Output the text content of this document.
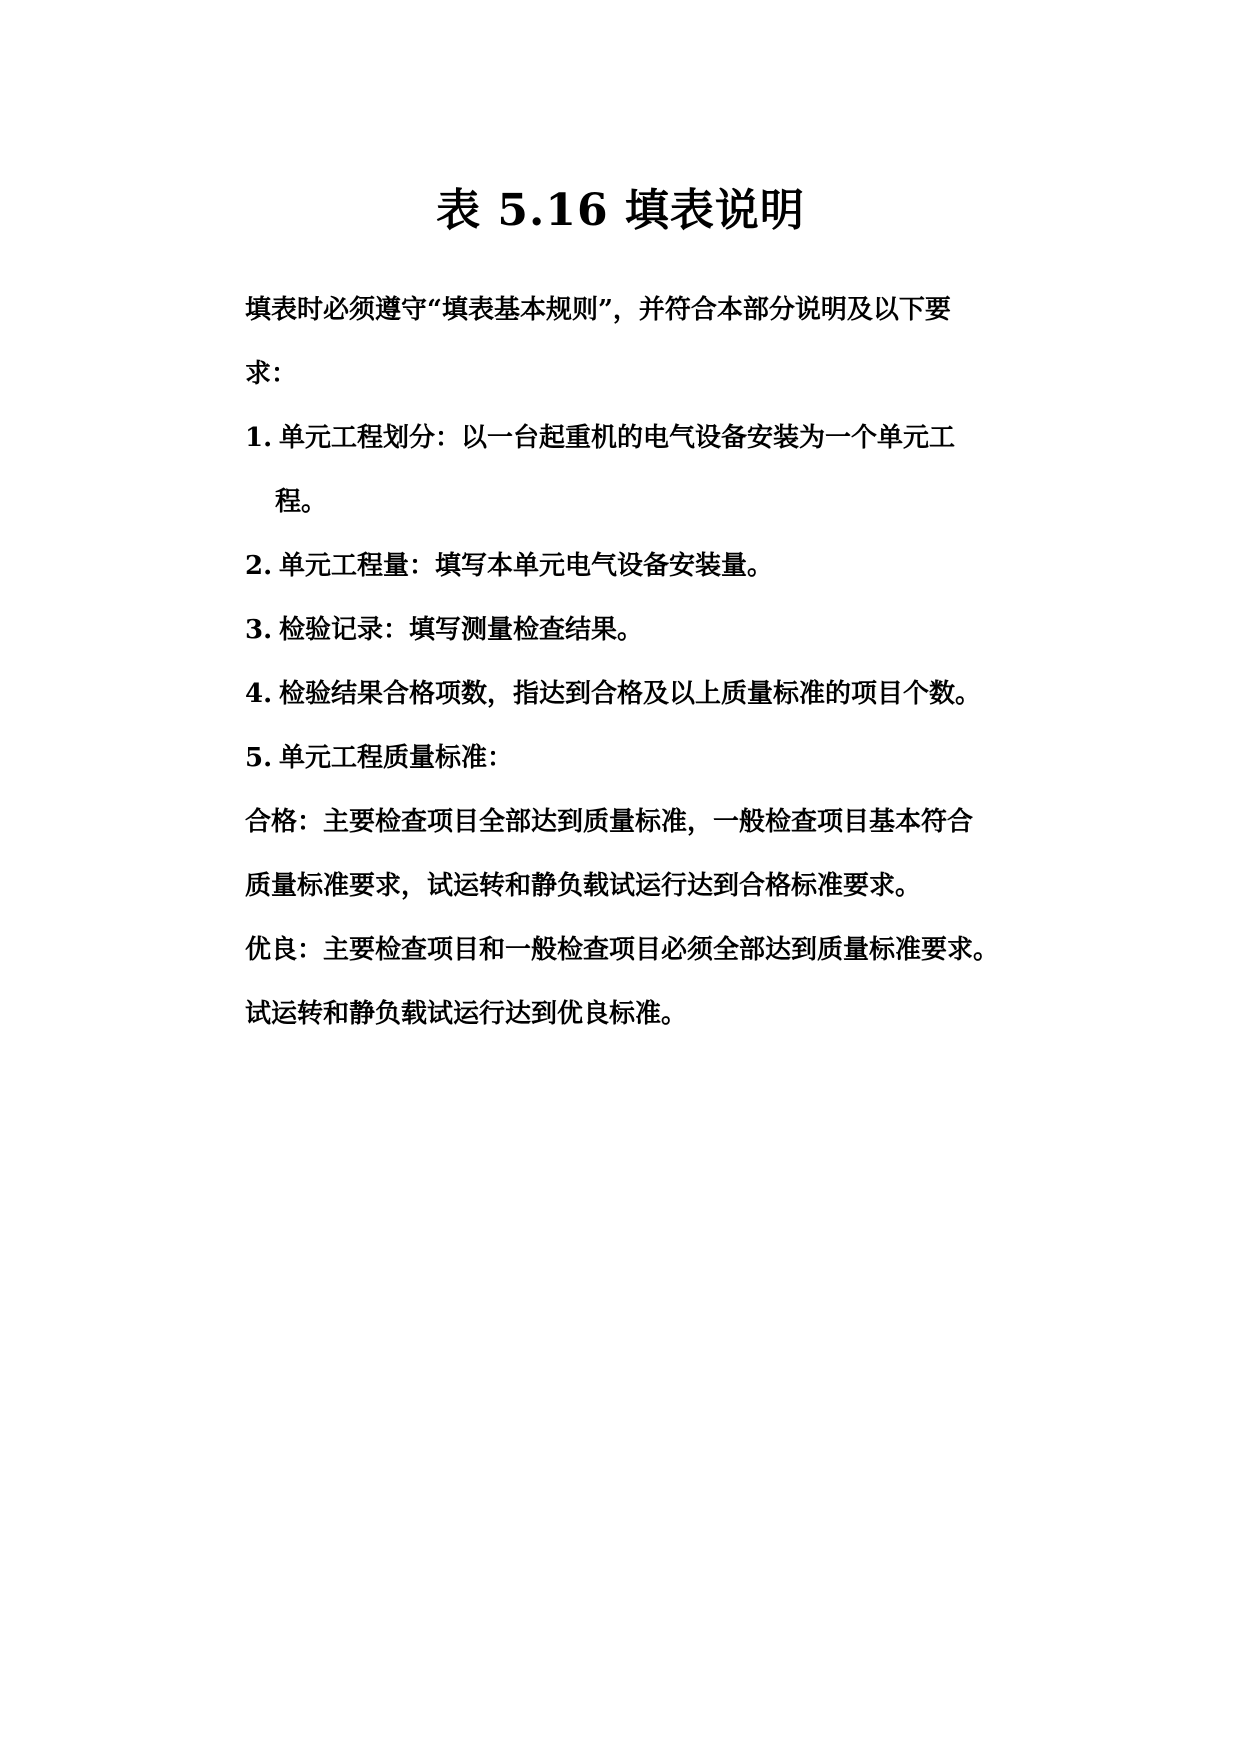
表 5.16 填表说明

填表时必须遵守“填表基本规则”，并符合本部分说明及以下要

求：

1. 单元工程划分：以一台起重机的电气设备安装为一个单元工

程。

2. 单元工程量：填写本单元电气设备安装量。
3. 检验记录：填写测量检查结果。
4. 检验结果合格项数，指达到合格及以上质量标准的项目个数。
5. 单元工程质量标准：

合格：主要检查项目全部达到质量标准，一般检查项目基本符合

质量标准要求，试运转和静负载试运行达到合格标准要求。

优良：主要检查项目和一般检查项目必须全部达到质量标准要求。

试运转和静负载试运行达到优良标准。
